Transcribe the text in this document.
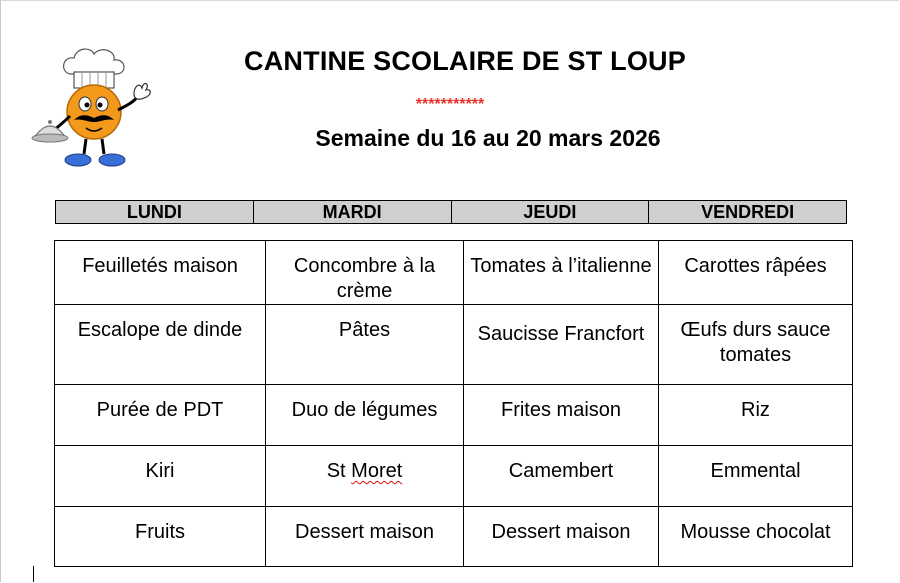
CANTINE SCOLAIRE DE ST LOUP
***********
Semaine du 16 au 20 mars 2026
LUNDI	MARDI	JEUDI	VENDREDI
Feuilletés maison	Concombre à la crème	Tomates à l’italienne	Carottes râpées
Escalope de dinde	Pâtes	Saucisse Francfort	Œufs durs sauce tomates
Purée de PDT	Duo de légumes	Frites maison	Riz
Kiri	St Moret	Camembert	Emmental
Fruits	Dessert maison	Dessert maison	Mousse chocolat
